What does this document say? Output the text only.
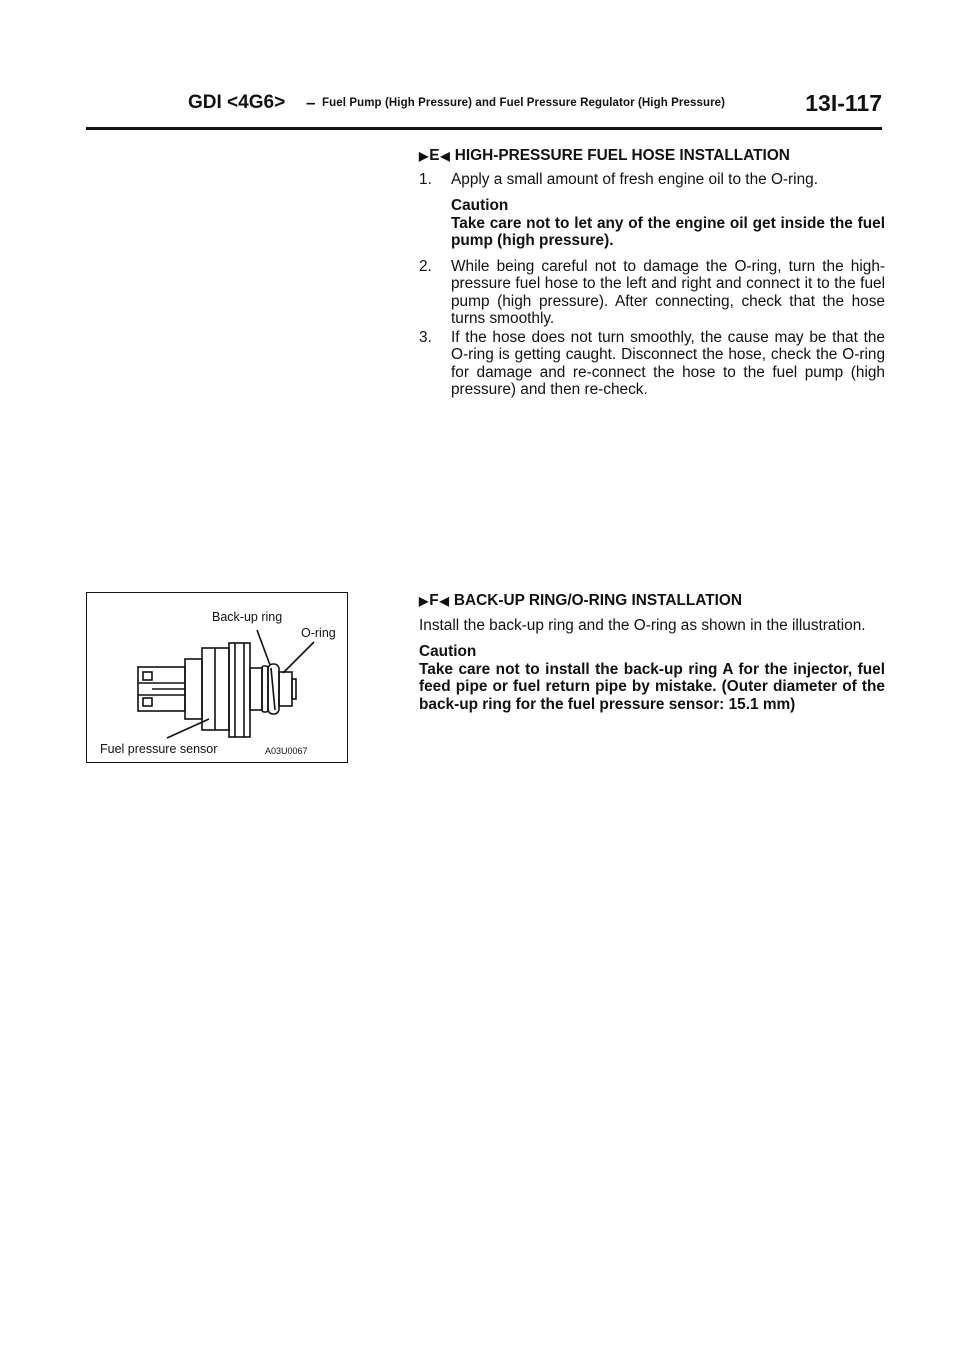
GDI <4G6> – Fuel Pump (High Pressure) and Fuel Pressure Regulator (High Pressure)	13I-117
▶ E ◀ HIGH-PRESSURE FUEL HOSE INSTALLATION
1.	Apply a small amount of fresh engine oil to the O-ring.
Caution
Take care not to let any of the engine oil get inside the fuel pump (high pressure).
2.	While being careful not to damage the O-ring, turn the high-pressure fuel hose to the left and right and connect it to the fuel pump (high pressure). After connecting, check that the hose turns smoothly.
3.	If the hose does not turn smoothly, the cause may be that the O-ring is getting caught. Disconnect the hose, check the O-ring for damage and re-connect the hose to the fuel pump (high pressure) and then re-check.
▶ F ◀ BACK-UP RING/O-RING INSTALLATION
Install the back-up ring and the O-ring as shown in the illustration.
Caution
Take care not to install the back-up ring A for the injector, fuel feed pipe or fuel return pipe by mistake. (Outer diameter of the back-up ring for the fuel pressure sensor: 15.1 mm)
Back-up ring
O-ring
Fuel pressure sensor	A03U0067
